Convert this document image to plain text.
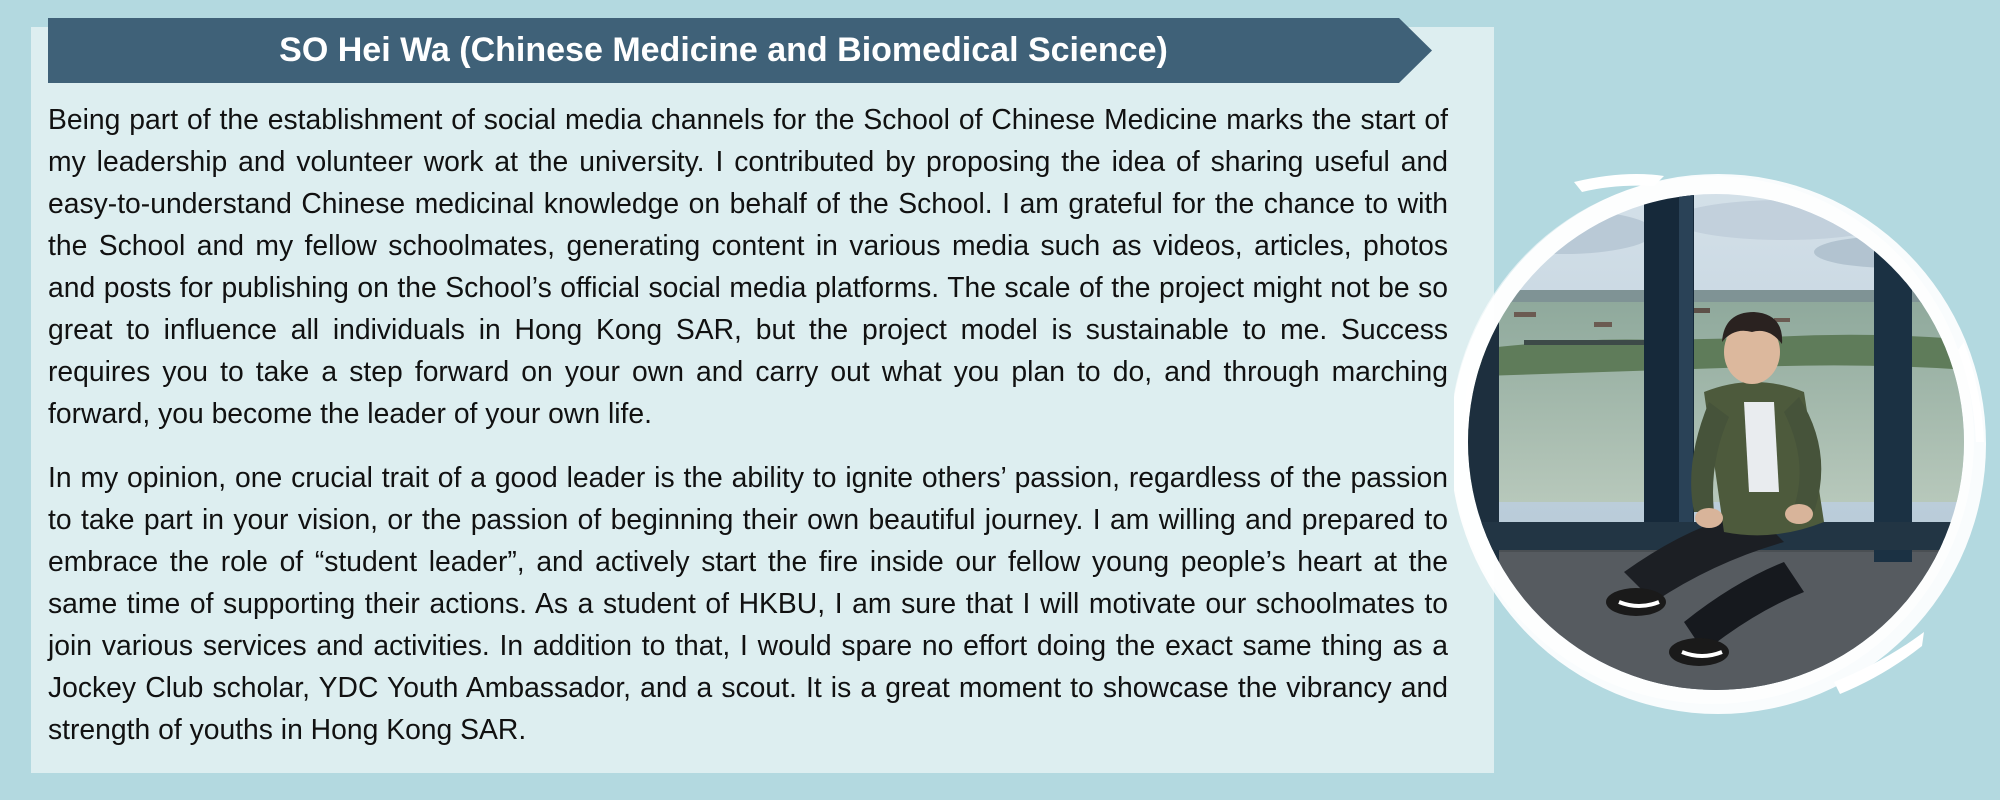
SO Hei Wa (Chinese Medicine and Biomedical Science)

Being part of the establishment of social media channels for the School of Chinese Medicine marks the start of my leadership and volunteer work at the university. I contributed by proposing the idea of sharing useful and easy-to-understand Chinese medicinal knowledge on behalf of the School. I am grateful for the chance to with the School and my fellow schoolmates, generating content in various media such as videos, articles, photos and posts for publishing on the School’s official social media platforms. The scale of the project might not be so great to influence all individuals in Hong Kong SAR, but the project model is sustainable to me. Success requires you to take a step forward on your own and carry out what you plan to do, and through marching forward, you become the leader of your own life.

In my opinion, one crucial trait of a good leader is the ability to ignite others’ passion, regardless of the passion to take part in your vision, or the passion of beginning their own beautiful journey. I am willing and prepared to embrace the role of “student leader”, and actively start the fire inside our fellow young people’s heart at the same time of supporting their actions. As a student of HKBU, I am sure that I will motivate our schoolmates to join various services and activities. In addition to that, I would spare no effort doing the exact same thing as a Jockey Club scholar, YDC Youth Ambassador, and a scout. It is a great moment to showcase the vibrancy and strength of youths in Hong Kong SAR.
